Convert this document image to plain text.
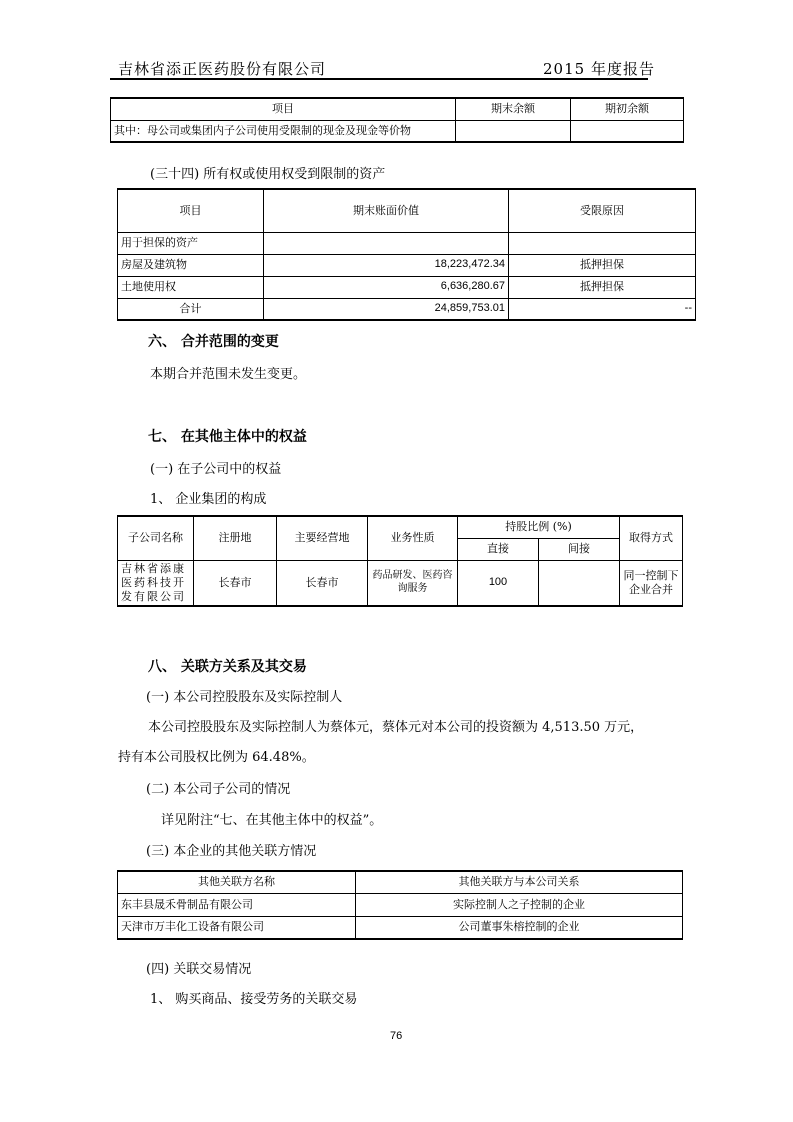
吉林省添正医药股份有限公司	2015 年度报告
项目	期末余额	期初余额
其中：母公司或集团内子公司使用受限制的现金及现金等价物		
(三十四) 所有权或使用权受到限制的资产
项目	期末账面价值	受限原因
用于担保的资产		
房屋及建筑物	18,223,472.34	抵押担保
土地使用权	6,636,280.67	抵押担保
合计	24,859,753.01	--
六、 合并范围的变更
本期合并范围未发生变更。
七、 在其他主体中的权益
(一) 在子公司中的权益
1、 企业集团的构成
子公司名称	注册地	主要经营地	业务性质	持股比例 (%)		取得方式
				直接	间接	
吉林省添康医药科技开发有限公司	长春市	长春市	药品研发、医药咨询服务	100		同一控制下企业合并
八、 关联方关系及其交易
(一) 本公司控股股东及实际控制人
本公司控股股东及实际控制人为蔡体元，蔡体元对本公司的投资额为 4,513.50 万元，
持有本公司股权比例为 64.48%。
(二) 本公司子公司的情况
详见附注“七、在其他主体中的权益”。
(三) 本企业的其他关联方情况
其他关联方名称	其他关联方与本公司关系
东丰县晟禾骨制品有限公司	实际控制人之子控制的企业
天津市万丰化工设备有限公司	公司董事朱榕控制的企业
(四) 关联交易情况
1、 购买商品、接受劳务的关联交易
76
